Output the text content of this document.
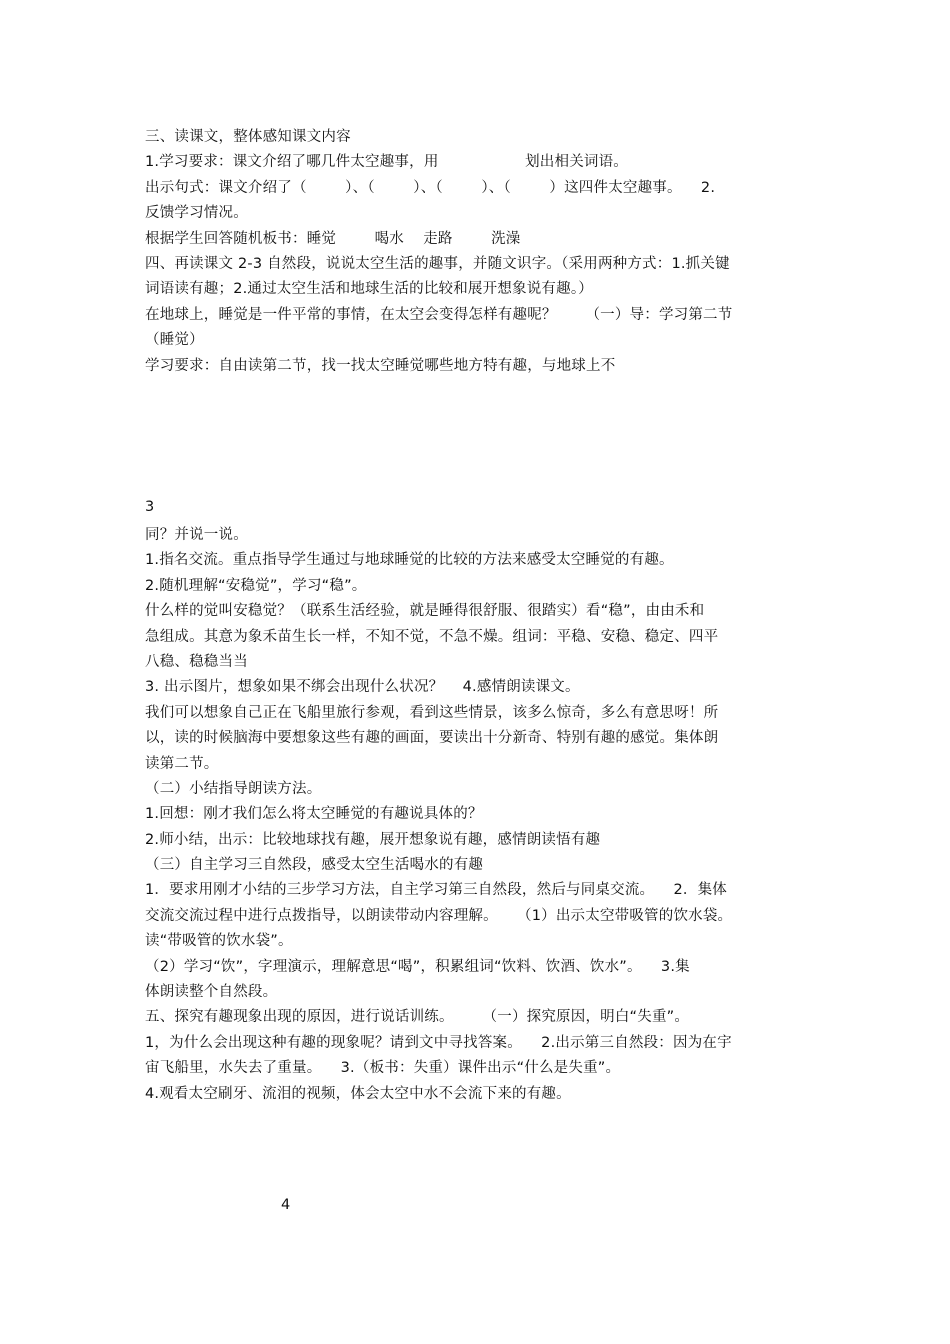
三、读课文，整体感知课文内容
1.学习要求：课文介绍了哪几件太空趣事，用                  划出相关词语。
出示句式：课文介绍了（        ）、（        ）、（        ）、（        ）这四件太空趣事。    2.
反馈学习情况。
根据学生回答随机板书：睡觉        喝水    走路        洗澡
四、再读课文 2-3 自然段，说说太空生活的趣事，并随文识字。（采用两种方式：1.抓关键
词语读有趣；2.通过太空生活和地球生活的比较和展开想象说有趣。）
在地球上，睡觉是一件平常的事情，在太空会变得怎样有趣呢？      （一）导：学习第二节
（睡觉）
学习要求：自由读第二节，找一找太空睡觉哪些地方特有趣，与地球上不
3
同？并说一说。
1.指名交流。重点指导学生通过与地球睡觉的比较的方法来感受太空睡觉的有趣。
2.随机理解“安稳觉”，学习“稳”。
什么样的觉叫安稳觉？（联系生活经验，就是睡得很舒服、很踏实）看“稳”，由由禾和
急组成。其意为象禾苗生长一样，不知不觉，不急不燥。组词：平稳、安稳、稳定、四平
八稳、稳稳当当
3. 出示图片，想象如果不绑会出现什么状况？    4.感情朗读课文。
我们可以想象自己正在飞船里旅行参观，看到这些情景，该多么惊奇，多么有意思呀！所
以，读的时候脑海中要想象这些有趣的画面，要读出十分新奇、特别有趣的感觉。集体朗
读第二节。
（二）小结指导朗读方法。
1.回想：刚才我们怎么将太空睡觉的有趣说具体的？
2.师小结，出示：比较地球找有趣，展开想象说有趣，感情朗读悟有趣
（三）自主学习三自然段，感受太空生活喝水的有趣
1．要求用刚才小结的三步学习方法，自主学习第三自然段，然后与同桌交流。    2．集体
交流交流过程中进行点拨指导，以朗读带动内容理解。    （1）出示太空带吸管的饮水袋。
读“带吸管的饮水袋”。
（2）学习“饮”，字理演示，理解意思“喝”，积累组词“饮料、饮酒、饮水”。    3.集
体朗读整个自然段。
五、探究有趣现象出现的原因，进行说话训练。      （一）探究原因，明白“失重”。
1，为什么会出现这种有趣的现象呢？请到文中寻找答案。    2.出示第三自然段：因为在宇
宙飞船里，水失去了重量。    3.（板书：失重）课件出示“什么是失重”。
4.观看太空刷牙、流泪的视频，体会太空中水不会流下来的有趣。
4
